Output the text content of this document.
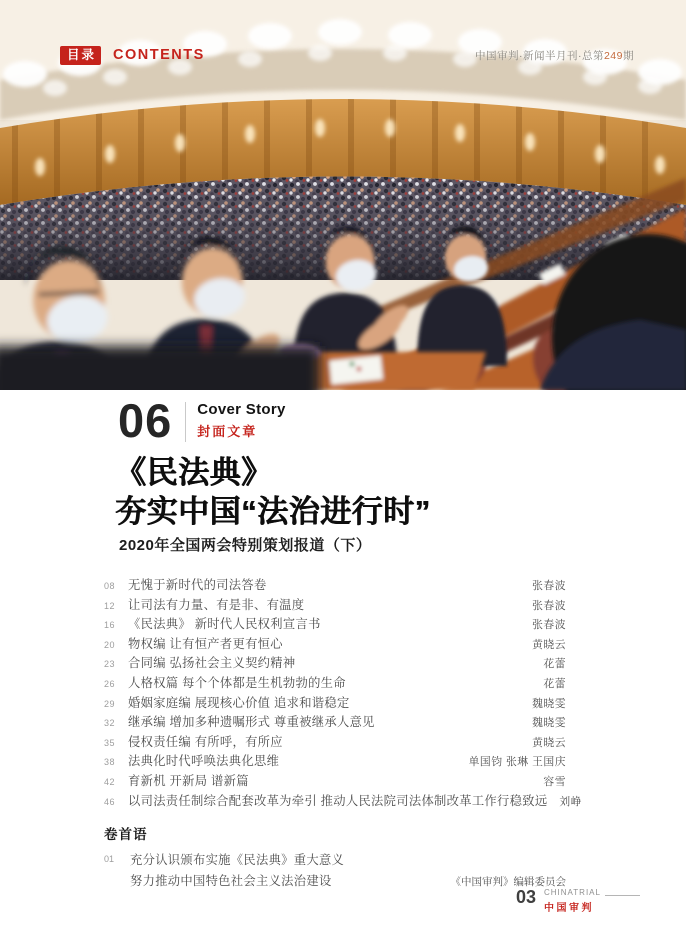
目录	CONTENTS	中国审判·新闻半月刊·总第249期
06 Cover Story
封面文章
《民法典》
夯实中国“法治进行时”
2020年全国两会特别策划报道（下）
08	无愧于新时代的司法答卷	张春波
12	让司法有力量、有是非、有温度	张春波
16	《民法典》 新时代人民权利宣言书	张春波
20	物权编 让有恒产者更有恒心	黄晓云
23	合同编 弘扬社会主义契约精神	花蕾
26	人格权篇 每个个体都是生机勃勃的生命	花蕾
29	婚姻家庭编 展现核心价值 追求和谐稳定	魏晓雯
32	继承编 增加多种遗嘱形式 尊重被继承人意见	魏晓雯
35	侵权责任编 有所呼，有所应	黄晓云
38	法典化时代呼唤法典化思维	单国钧 张琳 王国庆
42	育新机 开新局 谱新篇	容雪
46	以司法责任制综合配套改革为牵引 推动人民法院司法体制改革工作行稳致远	刘峥
卷首语
01	充分认识颁布实施《民法典》重大意义
努力推动中国特色社会主义法治建设	《中国审判》编辑委员会
03 CHINATRIAL
中国审判
